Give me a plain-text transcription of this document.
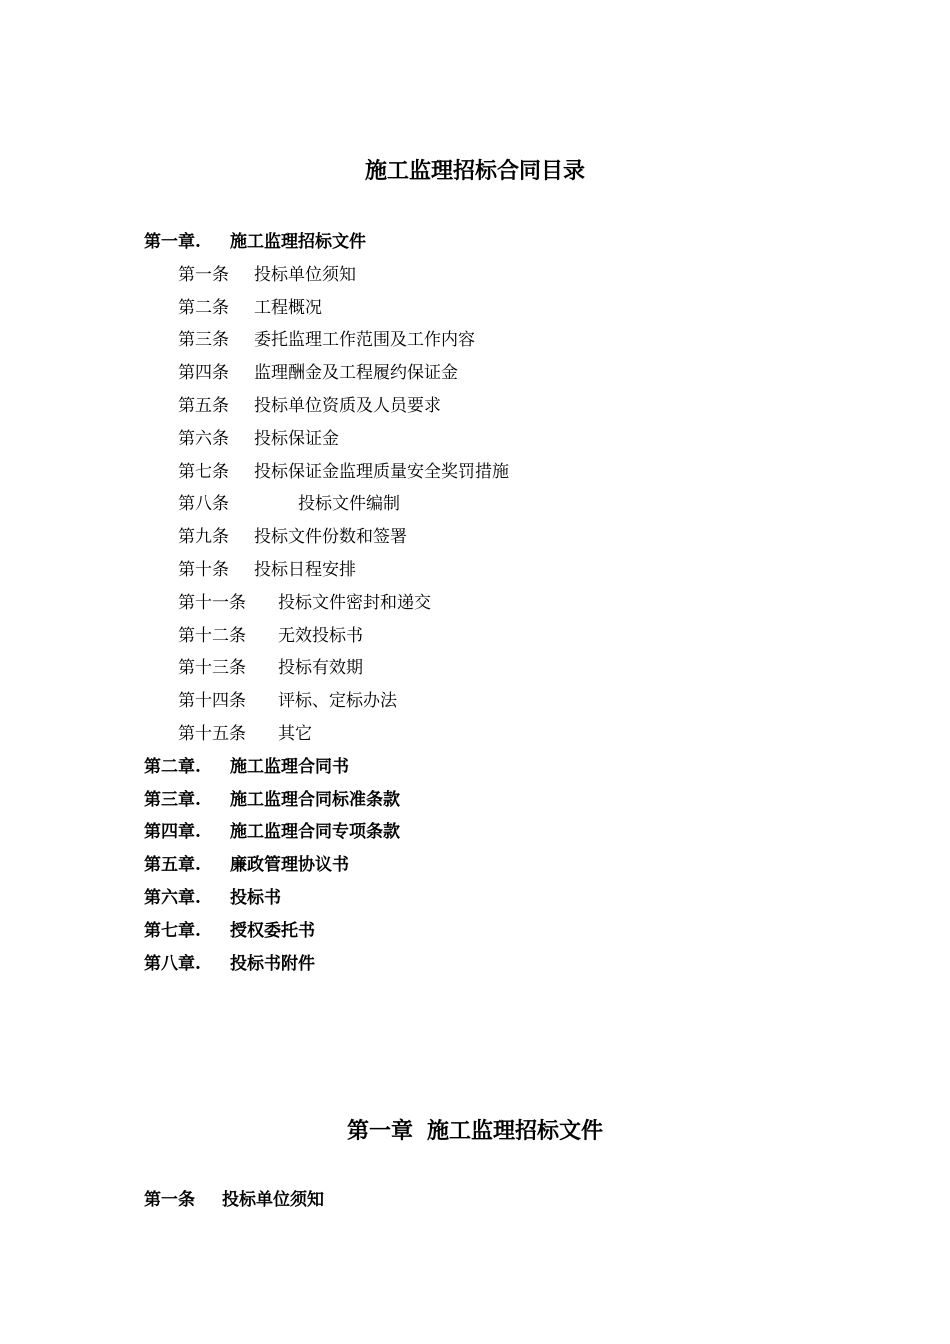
施工监理招标合同目录
第一章. 施工监理招标文件
第一条 投标单位须知
第二条 工程概况
第三条 委托监理工作范围及工作内容
第四条 监理酬金及工程履约保证金
第五条 投标单位资质及人员要求
第六条 投标保证金
第七条 投标保证金监理质量安全奖罚措施
第八条	投标文件编制
第九条 投标文件份数和签署
第十条 投标日程安排
第十一条 投标文件密封和递交
第十二条 无效投标书
第十三条 投标有效期
第十四条 评标、定标办法
第十五条 其它
第二章. 施工监理合同书
第三章. 施工监理合同标准条款
第四章. 施工监理合同专项条款
第五章. 廉政管理协议书
第六章. 投标书
第七章. 授权委托书
第八章. 投标书附件
第一章 施工监理招标文件
第一条 投标单位须知
